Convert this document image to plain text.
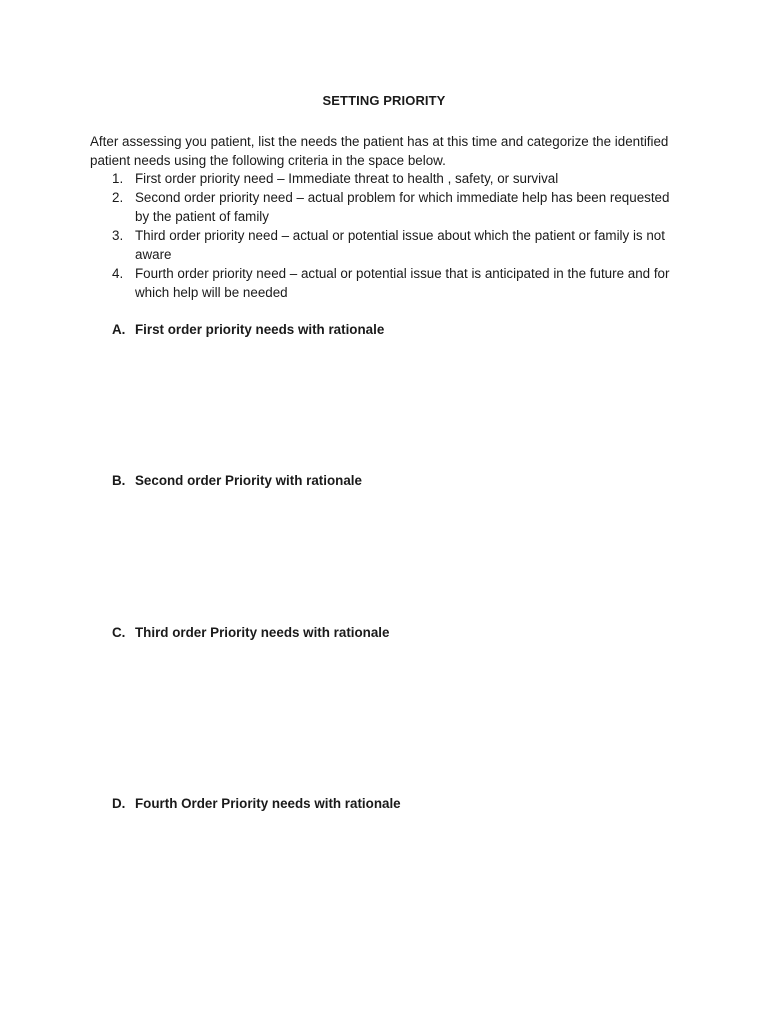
SETTING PRIORITY

After assessing you patient, list the needs the patient has at this time and categorize the identified patient needs using the following criteria in the space below.

1. First order priority need – Immediate threat to health , safety, or survival
2. Second order priority need – actual problem for which immediate help has been requested by the patient of family
3. Third order priority need – actual or potential issue about which the patient or family is not aware
4. Fourth order priority need – actual or potential issue that is anticipated in the future and for which help will be needed
A. First order priority needs with rationale
B. Second order Priority with rationale
C. Third order Priority needs with rationale
D. Fourth Order Priority needs with rationale
